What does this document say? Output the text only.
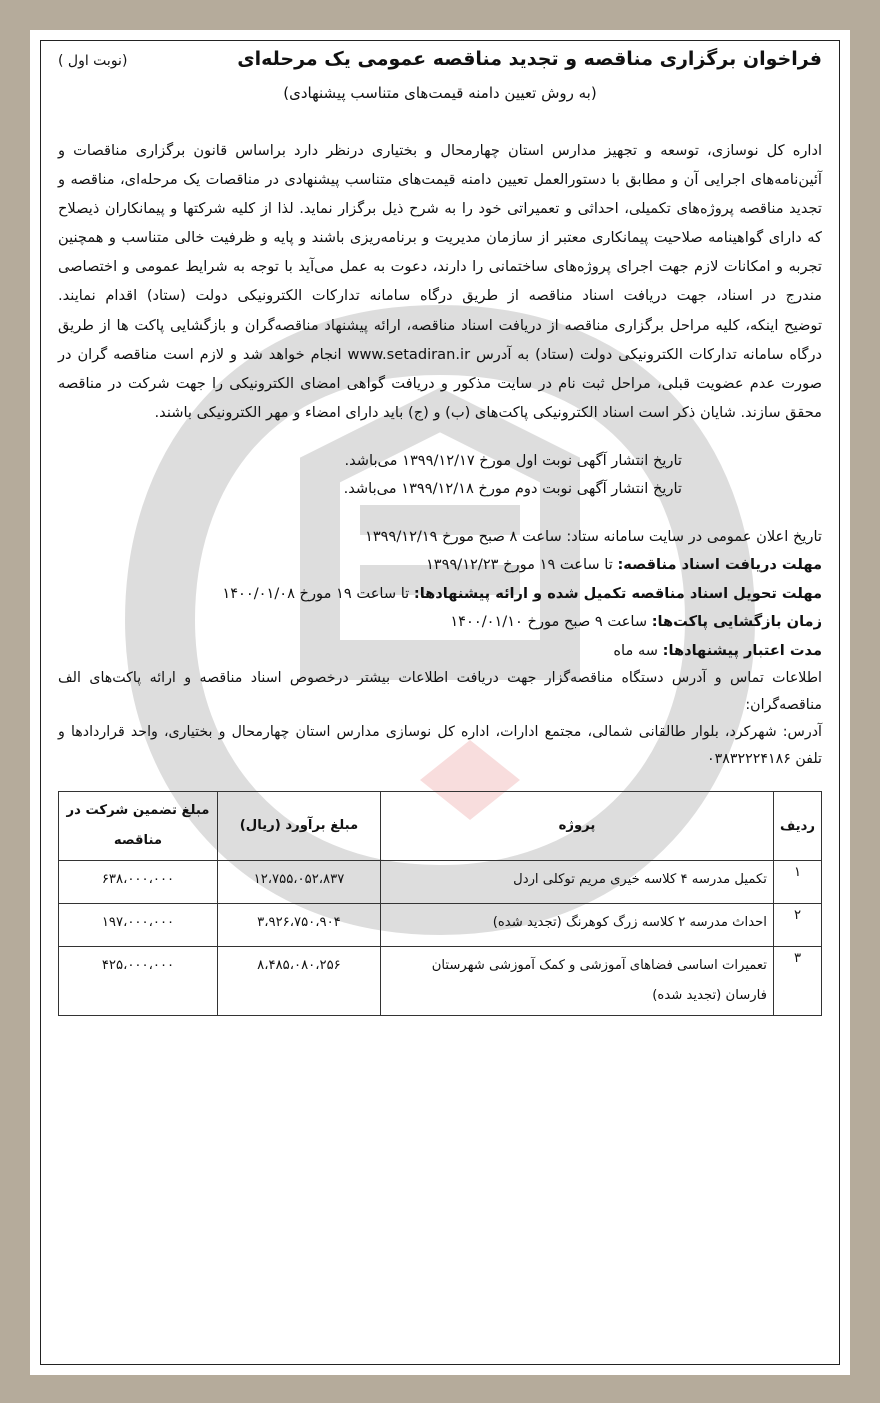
فراخوان برگزاری مناقصه و تجدید مناقصه عمومی یک مرحله‌ای
(نوبت اول )
(به روش تعیین دامنه قیمت‌های متناسب پیشنهادی)
اداره کل نوسازی، توسعه و تجهیز مدارس استان چهارمحال و بختیاری درنظر دارد براساس قانون برگزاری مناقصات و آئین‌نامه‌های اجرایی آن و مطابق با دستورالعمل تعیین دامنه قیمت‌های متناسب پیشنهادی در مناقصات یک مرحله‌ای، مناقصه و تجدید مناقصه پروژه‌های تکمیلی، احداثی و تعمیراتی خود را به شرح ذیل برگزار نماید. لذا از کلیه شرکتها و پیمانکاران ذیصلاح که دارای گواهینامه صلاحیت پیمانکاری معتبر از سازمان مدیریت و برنامه‌ریزی باشند و پایه و ظرفیت خالی متناسب و همچنین تجربه و امکانات لازم جهت اجرای پروژه‌های ساختمانی را دارند، دعوت به عمل می‌آید با توجه به شرایط عمومی و اختصاصی مندرج در اسناد، جهت دریافت اسناد مناقصه از طریق درگاه سامانه تدارکات الکترونیکی دولت (ستاد) اقدام نمایند.
توضیح اینکه، کلیه مراحل برگزاری مناقصه از دریافت اسناد مناقصه، ارائه پیشنهاد مناقصه‌گران و بازگشایی پاکت ها از طریق درگاه سامانه تدارکات الکترونیکی دولت (ستاد) به آدرس www.setadiran.ir انجام خواهد شد و لازم است مناقصه گران در صورت عدم عضویت قبلی، مراحل ثبت نام در سایت مذکور و دریافت گواهی امضای الکترونیکی را جهت شرکت در مناقصه محقق سازند. شایان ذکر است اسناد الکترونیکی پاکت‌های (ب) و (ج) باید دارای امضاء و مهر الکترونیکی باشند.
تاریخ انتشار آگهی نوبت اول مورخ ۱۳۹۹/۱۲/۱۷ می‌باشد.
تاریخ انتشار آگهی نوبت دوم مورخ ۱۳۹۹/۱۲/۱۸ می‌باشد.
تاریخ اعلان عمومی در سایت سامانه ستاد: ساعت ۸ صبح مورخ ۱۳۹۹/۱۲/۱۹
مهلت دریافت اسناد مناقصه: تا ساعت ۱۹ مورخ ۱۳۹۹/۱۲/۲۳
مهلت تحویل اسناد مناقصه تکمیل شده و ارائه پیشنهادها: تا ساعت ۱۹ مورخ ۱۴۰۰/۰۱/۰۸
زمان بازگشایی پاکت‌ها: ساعت ۹ صبح مورخ ۱۴۰۰/۰۱/۱۰
مدت اعتبار پیشنهادها: سه ماه
اطلاعات تماس و آدرس دستگاه مناقصه‌گزار جهت دریافت اطلاعات بیشتر درخصوص اسناد مناقصه و ارائه پاکت‌های الف مناقصه‌گران:
آدرس: شهرکرد، بلوار طالقانی شمالی، مجتمع ادارات، اداره کل نوسازی مدارس استان چهارمحال و بختیاری، واحد قراردادها و تلفن ۰۳۸۳۲۲۲۴۱۸۶
ردیف	پروژه	مبلغ برآورد (ریال)	مبلغ تضمین شرکت در مناقصه
۱	تکمیل مدرسه ۴ کلاسه خیری مریم توکلی اردل	۱۲،۷۵۵،۰۵۲،۸۳۷	۶۳۸،۰۰۰،۰۰۰
۲	احداث مدرسه ۲ کلاسه زرگ کوهرنگ (تجدید شده)	۳،۹۲۶،۷۵۰،۹۰۴	۱۹۷،۰۰۰،۰۰۰
۳	تعمیرات اساسی فضاهای آموزشی و کمک آموزشی شهرستان فارسان (تجدید شده)	۸،۴۸۵،۰۸۰،۲۵۶	۴۲۵،۰۰۰،۰۰۰
